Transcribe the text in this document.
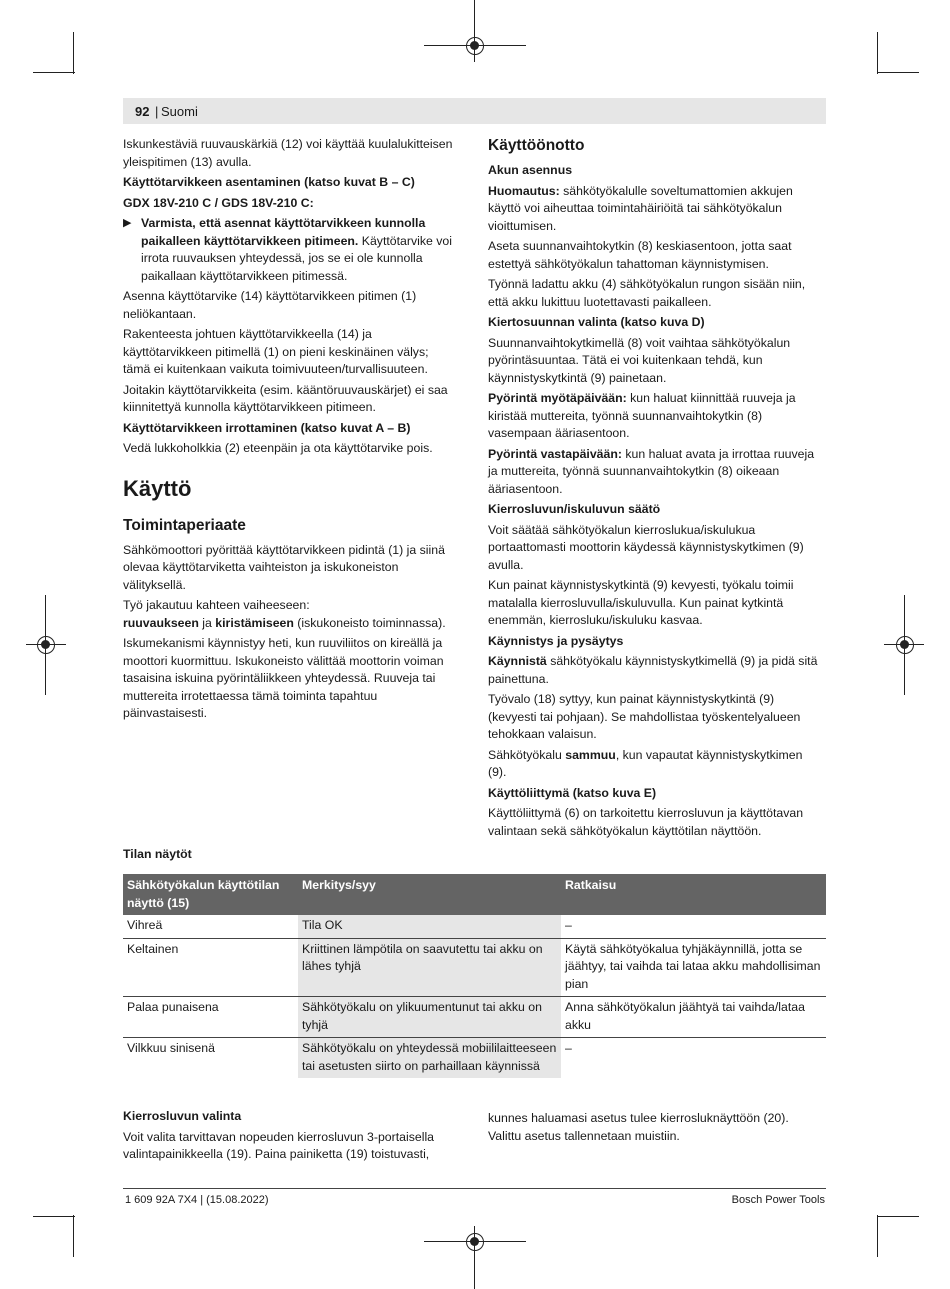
92 | Suomi

Iskunkestäviä ruuvauskärkiä (12) voi käyttää kuulalukitteisen yleispitimen (13) avulla.

Käyttötarvikkeen asentaminen (katso kuvat B – C)

GDX 18V-210 C / GDS 18V-210 C:

▶ Varmista, että asennat käyttötarvikkeen kunnolla paikalleen käyttötarvikkeen pitimeen. Käyttötarvike voi irrota ruuvauksen yhteydessä, jos se ei ole kunnolla paikallaan käyttötarvikkeen pitimessä.

Asenna käyttötarvike (14) käyttötarvikkeen pitimen (1) neliökantaan.

Rakenteesta johtuen käyttötarvikkeella (14) ja käyttötarvikkeen pitimellä (1) on pieni keskinäinen välys; tämä ei kuitenkaan vaikuta toimivuuteen/turvallisuuteen.

Joitakin käyttötarvikkeita (esim. kääntöruuvauskärjet) ei saa kiinnitettyä kunnolla käyttötarvikkeen pitimeen.

Käyttötarvikkeen irrottaminen (katso kuvat A – B)

Vedä lukkoholkkia (2) eteenpäin ja ota käyttötarvike pois.

Käyttö
Toimintaperiaate

Sähkömoottori pyörittää käyttötarvikkeen pidintä (1) ja siinä olevaa käyttötarviketta vaihteiston ja iskukoneiston välityksellä.

Työ jakautuu kahteen vaiheeseen:

ruuvaukseen ja kiristämiseen (iskukoneisto toiminnassa).

Iskumekanismi käynnistyy heti, kun ruuviliitos on kireällä ja moottori kuormittuu. Iskukoneisto välittää moottorin voiman tasaisina iskuina pyörintäliikkeen yhteydessä. Ruuveja tai muttereita irrotettaessa tämä toiminta tapahtuu päinvastaisesti.

Käyttöönotto

Akun asennus

Huomautus: sähkötyökalulle soveltumattomien akkujen käyttö voi aiheuttaa toimintahäiriöitä tai sähkötyökalun vioittumisen.

Aseta suunnanvaihtokytkin (8) keskiasentoon, jotta saat estettyä sähkötyökalun tahattoman käynnistymisen.

Työnnä ladattu akku (4) sähkötyökalun rungon sisään niin, että akku lukittuu luotettavasti paikalleen.

Kiertosuunnan valinta (katso kuva D)

Suunnanvaihtokytkimellä (8) voit vaihtaa sähkötyökalun pyörintäsuuntaa. Tätä ei voi kuitenkaan tehdä, kun käynnistyskytkintä (9) painetaan.

Pyörintä myötäpäivään: kun haluat kiinnittää ruuveja ja kiristää muttereita, työnnä suunnanvaihtokytkin (8) vasempaan ääriasentoon.

Pyörintä vastapäivään: kun haluat avata ja irrottaa ruuveja ja muttereita, työnnä suunnanvaihtokytkin (8) oikeaan ääriasentoon.

Kierrosluvun/iskuluvun säätö

Voit säätää sähkötyökalun kierroslukua/iskulukua portaattomasti moottorin käydessä käynnistyskytkimen (9) avulla.

Kun painat käynnistyskytkintä (9) kevyesti, työkalu toimii matalalla kierrosluvulla/iskuluvulla. Kun painat kytkintä enemmän, kierrosluku/iskuluku kasvaa.

Käynnistys ja pysäytys

Käynnistä sähkötyökalu käynnistyskytkimellä (9) ja pidä sitä painettuna.

Työvalo (18) syttyy, kun painat käynnistyskytkintä (9) (kevyesti tai pohjaan). Se mahdollistaa työskentelyalueen tehokkaan valaisun.

Sähkötyökalu sammuu, kun vapautat käynnistyskytkimen (9).

Käyttöliittymä (katso kuva E)

Käyttöliittymä (6) on tarkoitettu kierrosluvun ja käyttötavan valintaan sekä sähkötyökalun käyttötilan näyttöön.

Tilan näytöt
Sähkötyökalun käyttötilan näyttö (15)	Merkitys/syy	Ratkaisu
Vihreä	Tila OK	–
Keltainen	Kriittinen lämpötila on saavutettu tai akku on lähes tyhjä	Käytä sähkötyökalua tyhjäkäynnillä, jotta se jäähtyy, tai vaihda tai lataa akku mahdollisiman pian
Palaa punaisena	Sähkötyökalu on ylikuumentunut tai akku on tyhjä	Anna sähkötyökalun jäähtyä tai vaihda/lataa akku
Vilkkuu sinisenä	Sähkötyökalu on yhteydessä mobiililaitteeseen tai asetusten siirto on parhaillaan käynnissä	–

Kierrosluvun valinta

Voit valita tarvittavan nopeuden kierrosluvun 3-portaisella valintapainikkeella (19). Paina painiketta (19) toistuvasti,

kunnes haluamasi asetus tulee kierrosluknäyttöön (20). Valittu asetus tallennetaan muistiin.

1 609 92A 7X4 | (15.08.2022)	Bosch Power Tools
